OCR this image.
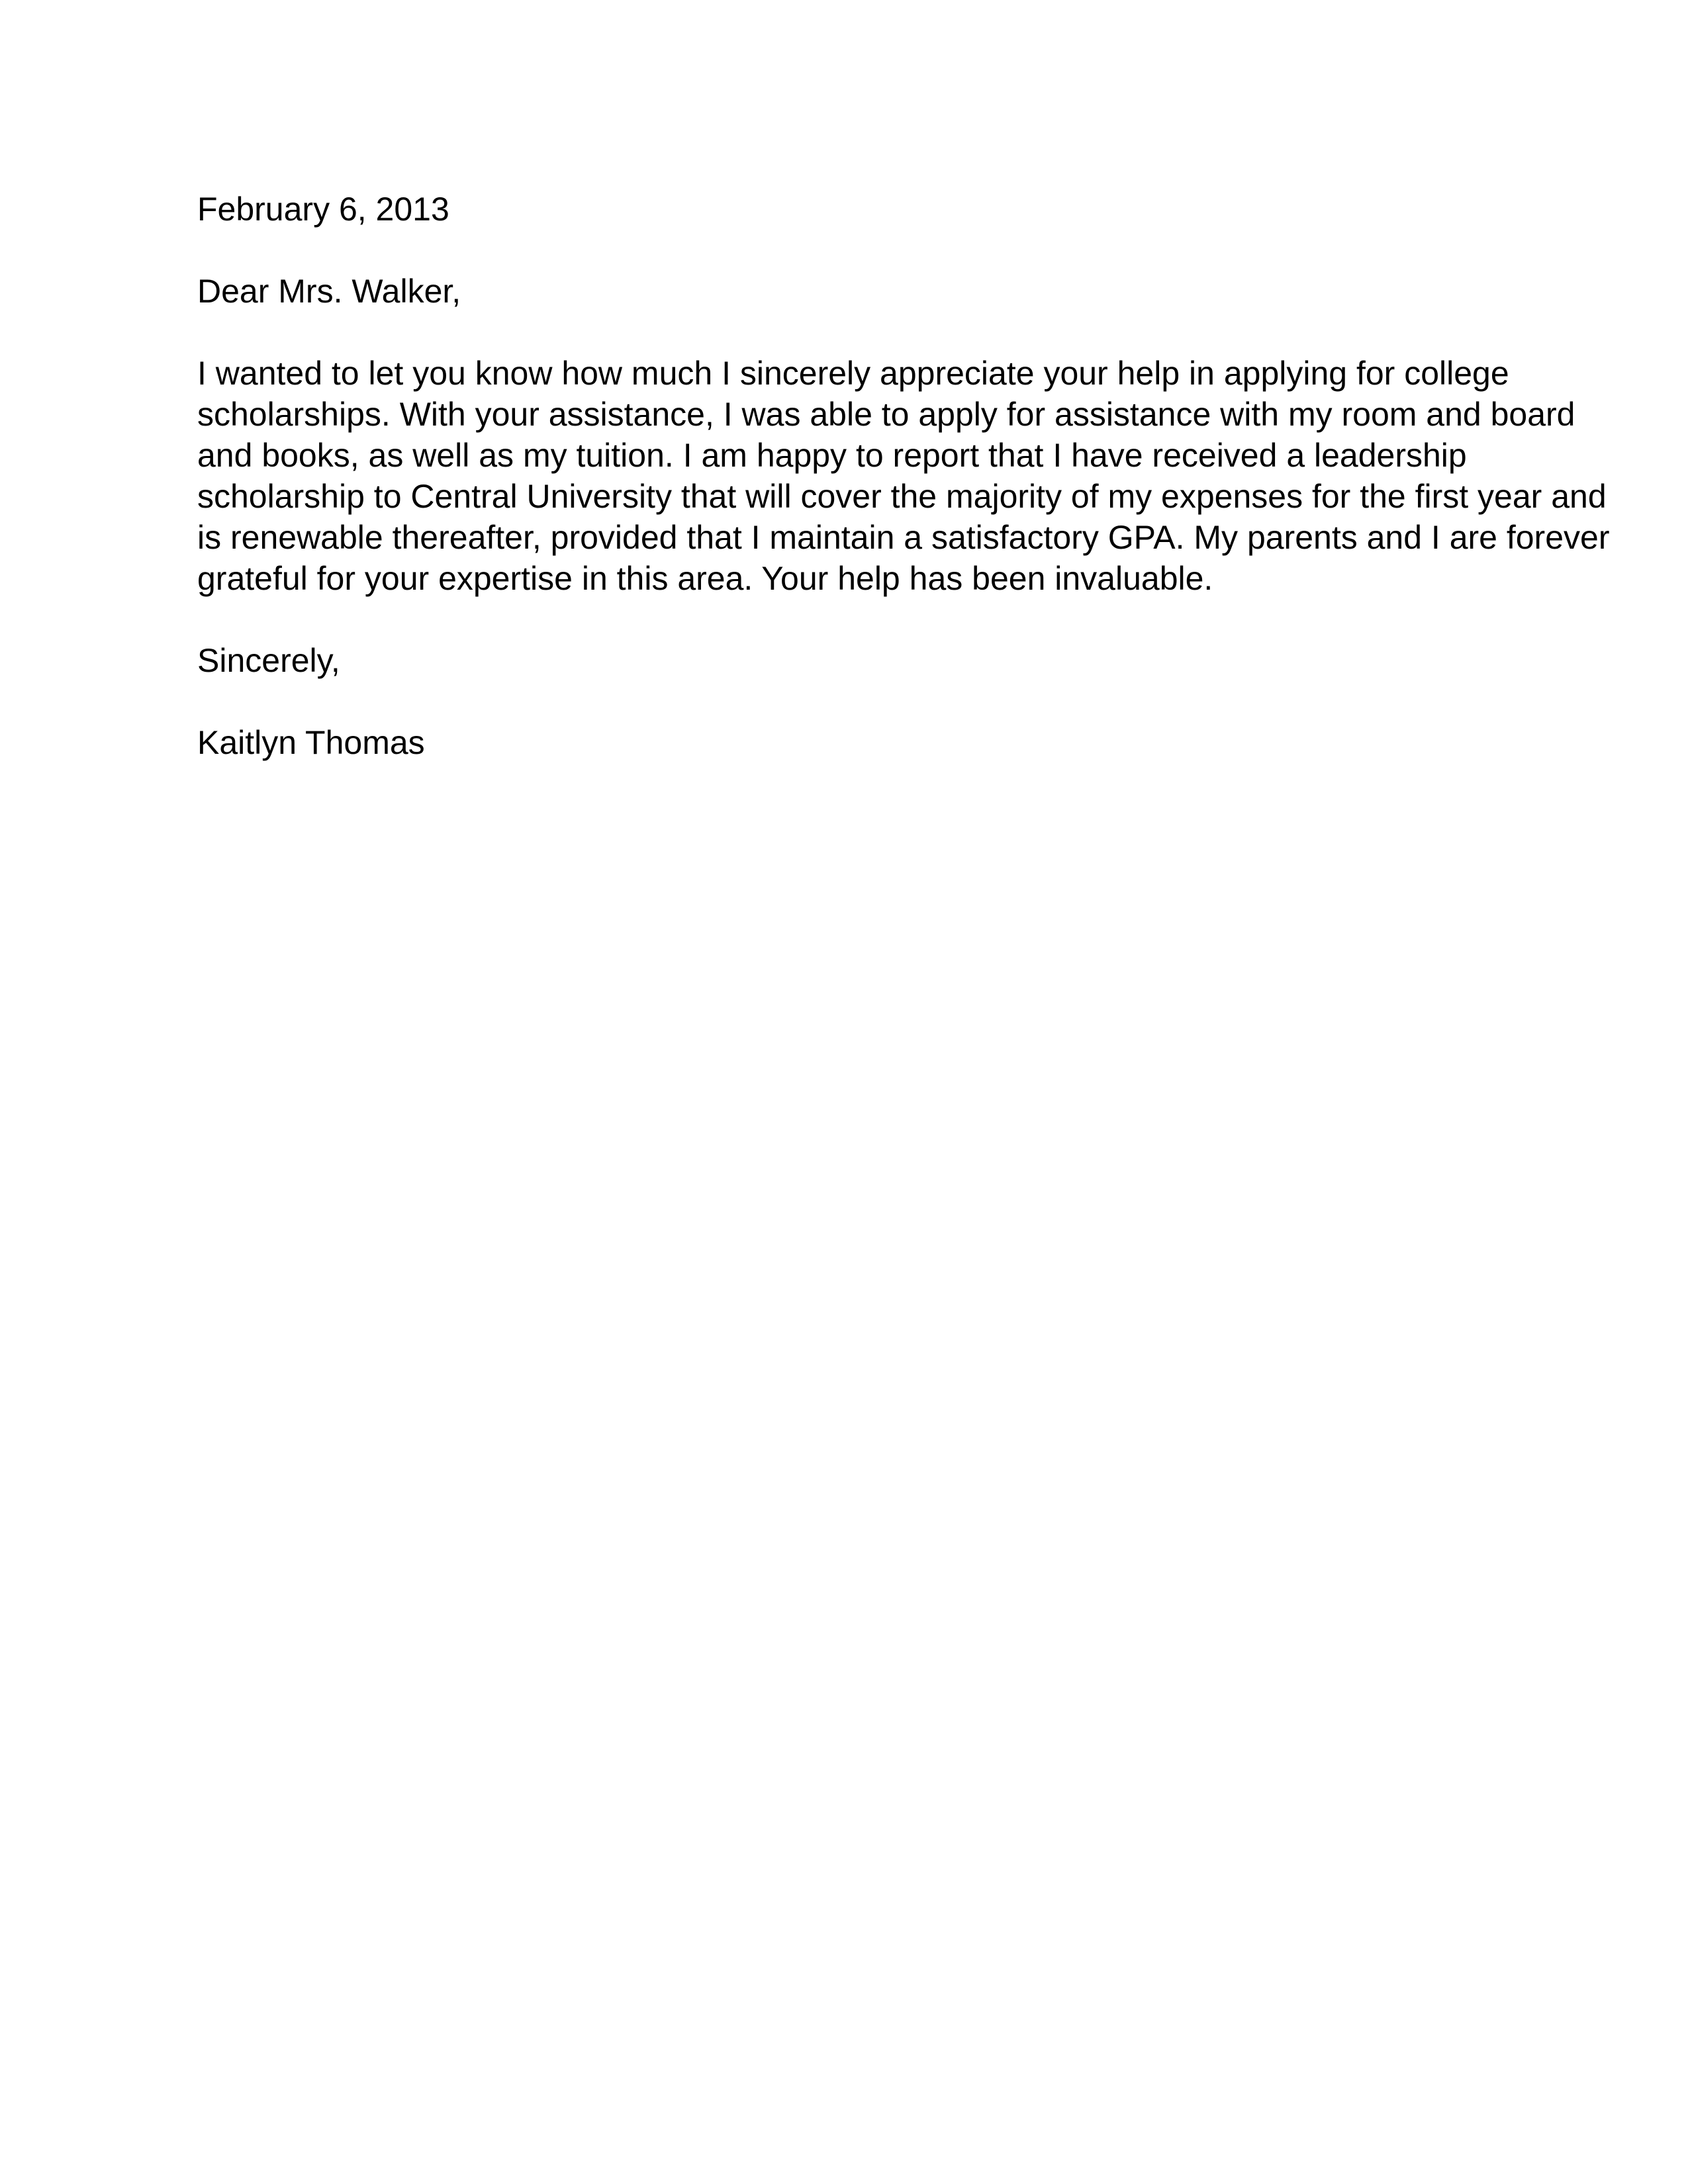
February 6, 2013

Dear Mrs. Walker,

I wanted to let you know how much I sincerely appreciate your help in applying for college
scholarships. With your assistance, I was able to apply for assistance with my room and board
and books, as well as my tuition. I am happy to report that I have received a leadership
scholarship to Central University that will cover the majority of my expenses for the first year and
is renewable thereafter, provided that I maintain a satisfactory GPA. My parents and I are forever
grateful for your expertise in this area. Your help has been invaluable.

Sincerely,

Kaitlyn Thomas
